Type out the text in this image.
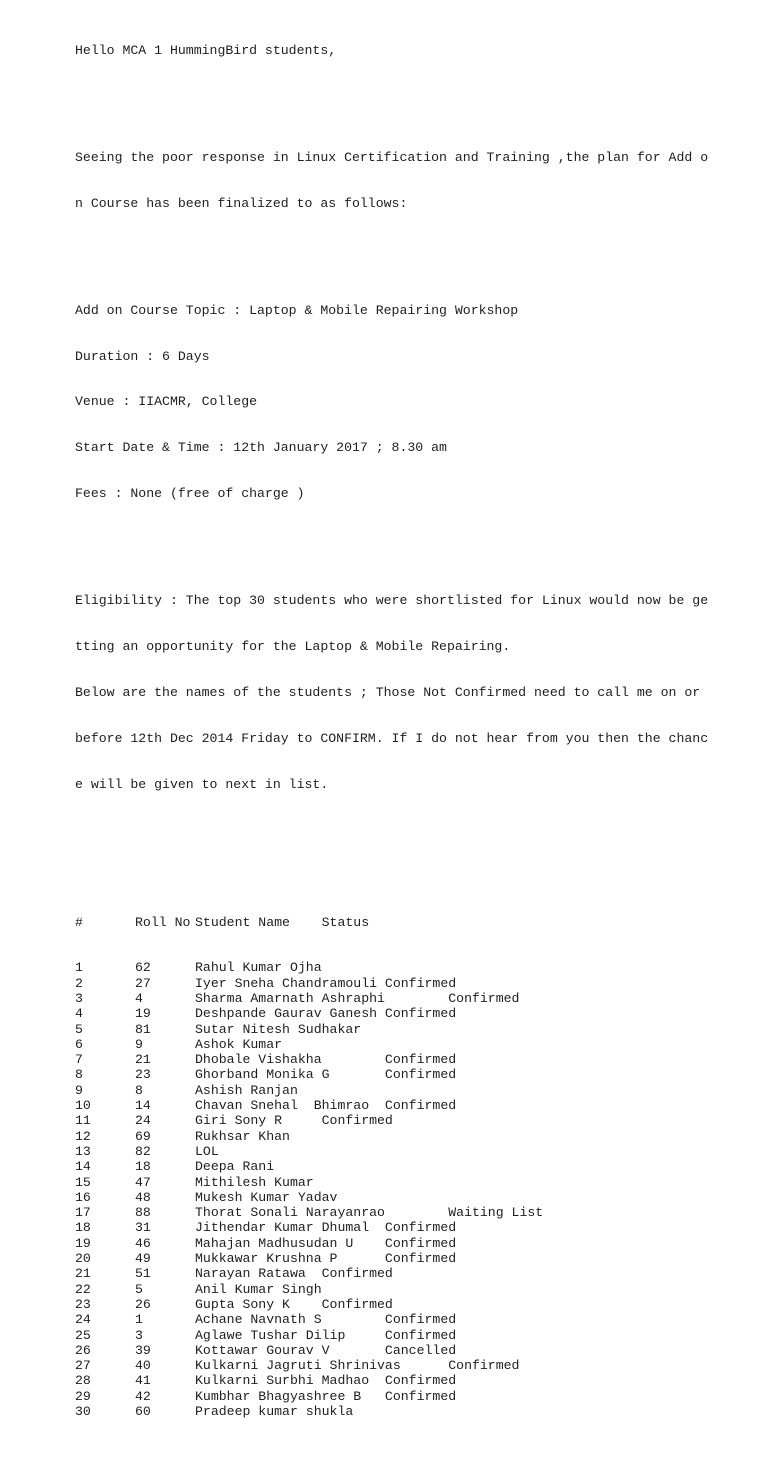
Hello MCA 1 HummingBird students,

Seeing the poor response in Linux Certification and Training ,the plan for Add o

n Course has been finalized to as follows:

Add on Course Topic : Laptop & Mobile Repairing Workshop

Duration : 6 Days

Venue : IIACMR, College

Start Date & Time : 12th January 2017 ; 8.30 am

Fees : None (free of charge )

Eligibility : The top 30 students who were shortlisted for Linux would now be ge

tting an opportunity for the Laptop & Mobile Repairing.

Below are the names of the students ; Those Not Confirmed need to call me on or

before 12th Dec 2014 Friday to CONFIRM. If I do not hear from you then the chanc

e will be given to next in list.

#	Roll No Student Name    Status

1	62	Rahul Kumar Ojha
2	27	Iyer Sneha Chandramouli Confirmed
3	4	Sharma Amarnath Ashraphi        Confirmed
4	19	Deshpande Gaurav Ganesh Confirmed
5	81	Sutar Nitesh Sudhakar
6	9	Ashok Kumar
7	21	Dhobale Vishakha        Confirmed
8	23	Ghorband Monika G       Confirmed
9	8	Ashish Ranjan
10	14	Chavan Snehal  Bhimrao  Confirmed
11	24	Giri Sony R     Confirmed
12	69	Rukhsar Khan
13	82	LOL
14	18	Deepa Rani
15	47	Mithilesh Kumar
16	48	Mukesh Kumar Yadav
17	88	Thorat Sonali Narayanrao        Waiting List
18	31	Jithendar Kumar Dhumal  Confirmed
19	46	Mahajan Madhusudan U    Confirmed
20	49	Mukkawar Krushna P      Confirmed
21	51	Narayan Ratawa  Confirmed
22	5	Anil Kumar Singh
23	26	Gupta Sony K    Confirmed
24	1	Achane Navnath S        Confirmed
25	3	Aglawe Tushar Dilip     Confirmed
26	39	Kottawar Gourav V       Cancelled
27	40	Kulkarni Jagruti Shrinivas      Confirmed
28	41	Kulkarni Surbhi Madhao  Confirmed
29	42	Kumbhar Bhagyashree B   Confirmed
30	60	Pradeep kumar shukla
